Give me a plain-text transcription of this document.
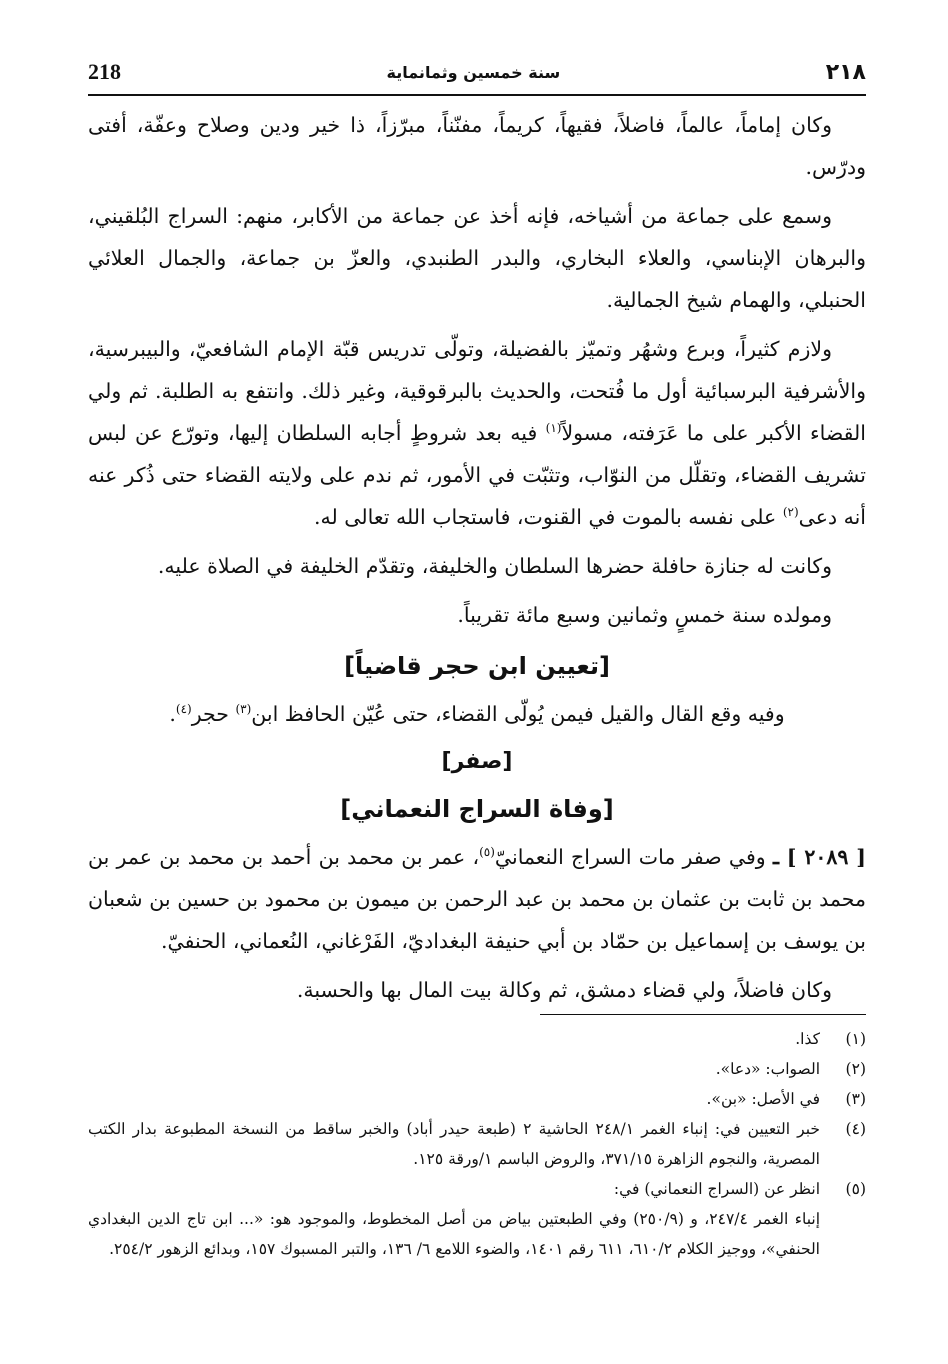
218	سنة خمسين وثمانماية	٢١٨

وكان إماماً، عالماً، فاضلاً، فقيهاً، كريماً، مفنّناً، مبرّزاً، ذا خير ودين وصلاح وعفّة، أفتى ودرّس.

وسمع على جماعة من أشياخه، فإنه أخذ عن جماعة من الأكابر، منهم: السراج البُلقيني، والبرهان الإبناسي، والعلاء البخاري، والبدر الطنبدي، والعزّ بن جماعة، والجمال العلائي الحنبلي، والهمام شيخ الجمالية.

ولازم كثيراً، وبرع وشهُر وتميّز بالفضيلة، وتولّى تدريس قبّة الإمام الشافعيّ، والبيبرسية، والأشرفية البرسبائية أول ما فُتحت، والحديث بالبرقوقية، وغير ذلك. وانتفع به الطلبة. ثم ولي القضاء الأكبر على ما عَرَفته، مسولاً$^{(١)}$ فيه بعد شروطٍ أجابه السلطان إليها، وتورّع عن لبس تشريف القضاء، وتقلّل من النوّاب، وتثبّت في الأمور، ثم ندم على ولايته القضاء حتى ذُكر عنه أنه دعى$^{(٢)}$ على نفسه بالموت في القنوت، فاستجاب الله تعالى له.

وكانت له جنازة حافلة حضرها السلطان والخليفة، وتقدّم الخليفة في الصلاة عليه.

ومولده سنة خمسٍ وثمانين وسبع مائة تقريباً.

[تعيين ابن حجر قاضياً]

وفيه وقع القال والقيل فيمن يُولّى القضاء، حتى عُيّن الحافظ ابن$^{(٣)}$ حجر$^{(٤)}$.

[صفر]
[وفاة السراج النعماني]

[ ٢٠٨٩ ] ـ وفي صفر مات السراج النعمانيّ$^{(٥)}$، عمر بن محمد بن أحمد بن محمد بن عمر بن محمد بن ثابت بن عثمان بن محمد بن عبد الرحمن بن ميمون بن محمود بن حسين بن شعبان بن يوسف بن إسماعيل بن حمّاد بن أبي حنيفة البغداديّ، الفَرْغاني، النُعماني، الحنفيّ.

وكان فاضلاً، ولي قضاء دمشق، ثم وكالة بيت المال بها والحسبة.

(١)
كذا.
(٢)
الصواب: «دعا».
(٣)
في الأصل: «بن».
(٤)
خبر التعيين في: إنباء الغمر ٢٤٨/١ الحاشية ٢ (طبعة حيدر أباد) والخبر ساقط من النسخة المطبوعة بدار الكتب المصرية، والنجوم الزاهرة ٣٧١/١٥، والروض الباسم ١/ورقة ١٢٥.
(٥)
انظر عن (السراج النعماني) في:
إنباء الغمر ٢٤٧/٤، و (٢٥٠/٩) وفي الطبعتين بياض من أصل المخطوط، والموجود هو: «... ابن تاج الدين البغدادي الحنفي»، ووجيز الكلام ٦١٠/٢، ٦١١ رقم ١٤٠١، والضوء اللامع ٦/ ١٣٦، والتبر المسبوك ١٥٧، وبدائع الزهور ٢٥٤/٢.
